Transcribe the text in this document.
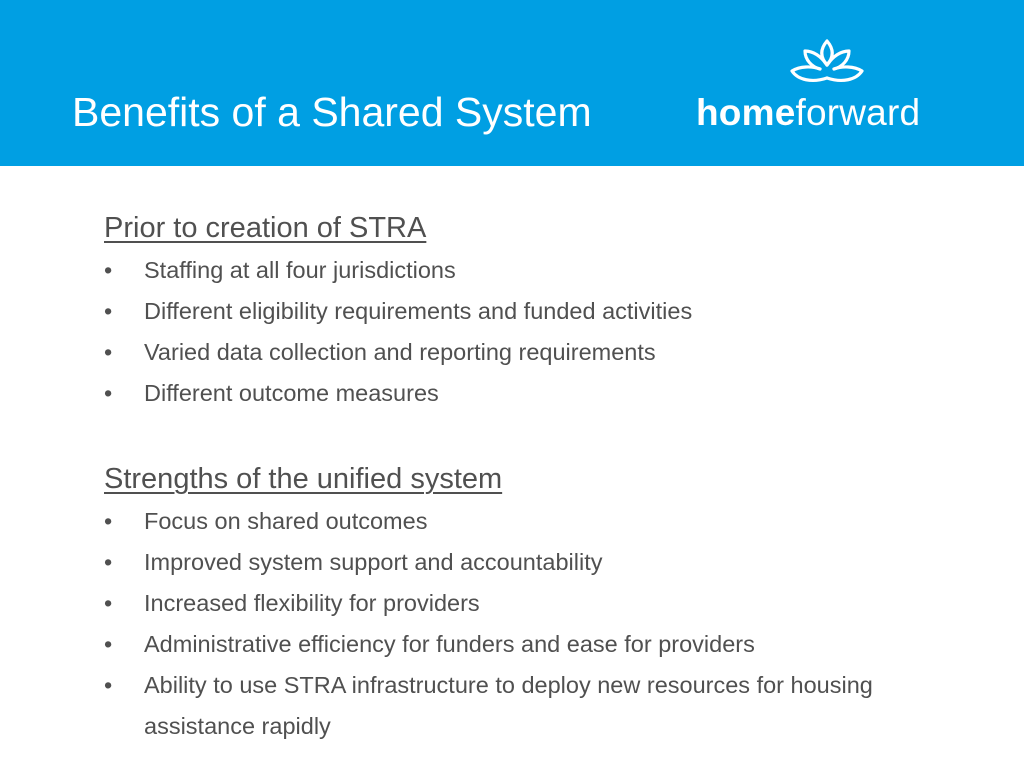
Benefits of a Shared System	homeforward

Prior to creation of STRA

•	Staffing at all four jurisdictions
•	Different eligibility requirements and funded activities
•	Varied data collection and reporting requirements
•	Different outcome measures

Strengths of the unified system

•	Focus on shared outcomes
•	Improved system support and accountability
•	Increased flexibility for providers
•	Administrative efficiency for funders and ease for providers
•	Ability to use STRA infrastructure to deploy new resources for housing assistance rapidly
